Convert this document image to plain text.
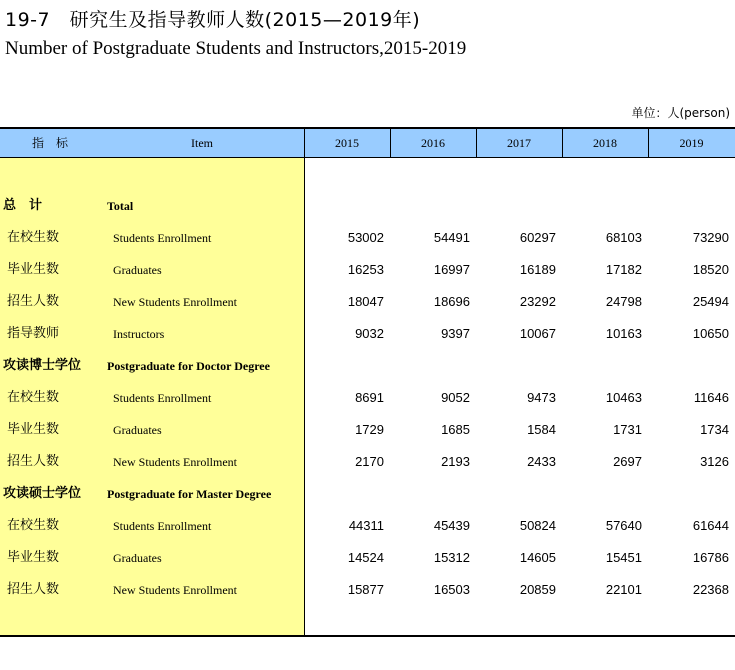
19-7　研究生及指导教师人数(2015—2019年)
Number of Postgraduate Students and Instructors,2015-2019
单位：人(person)
指　标	Item	2015	2016	2017	2018	2019
总　计	Total
在校生数	Students Enrollment	53002	54491	60297	68103	73290
毕业生数	Graduates	16253	16997	16189	17182	18520
招生人数	New Students Enrollment	18047	18696	23292	24798	25494
指导教师	Instructors	9032	9397	10067	10163	10650
攻读博士学位 Postgraduate for Doctor Degree
在校生数	Students Enrollment	8691	9052	9473	10463	11646
毕业生数	Graduates	1729	1685	1584	1731	1734
招生人数	New Students Enrollment	2170	2193	2433	2697	3126
攻读硕士学位 Postgraduate for Master Degree
在校生数	Students Enrollment	44311	45439	50824	57640	61644
毕业生数	Graduates	14524	15312	14605	15451	16786
招生人数	New Students Enrollment	15877	16503	20859	22101	22368
